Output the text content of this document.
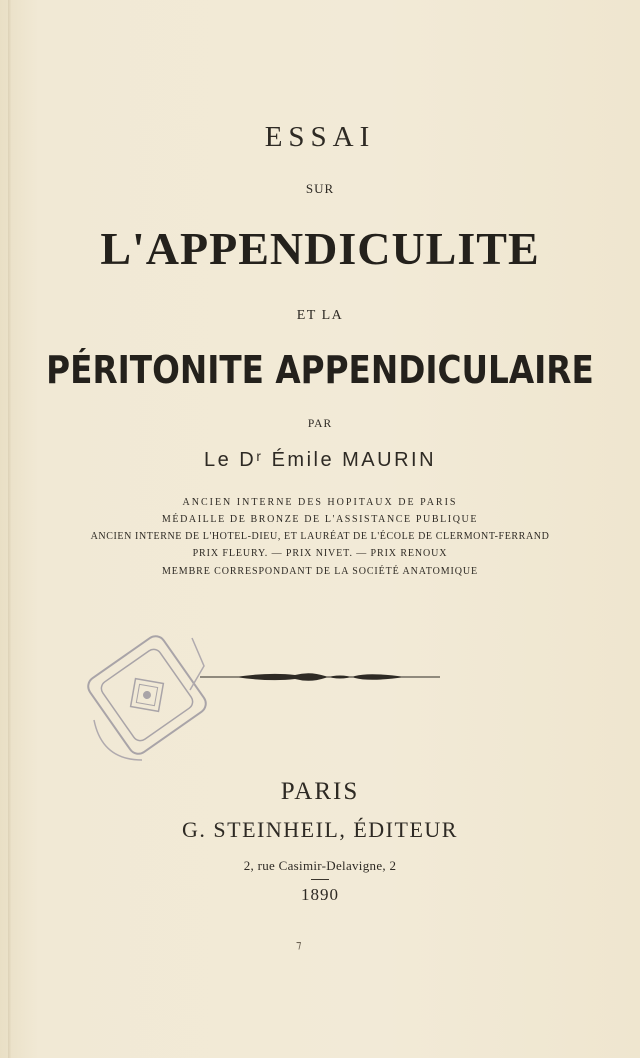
ESSAI
SUR
L'APPENDICULITE
ET LA
PÉRITONITE APPENDICULAIRE
PAR
Le Dʳ Émile MAURIN
ANCIEN INTERNE DES HOPITAUX DE PARIS
MÉDAILLE DE BRONZE DE L'ASSISTANCE PUBLIQUE
ANCIEN INTERNE DE L'HOTEL-DIEU, ET LAURÉAT DE L'ÉCOLE DE CLERMONT-FERRAND
PRIX FLEURY. — PRIX NIVET. — PRIX RENOUX
MEMBRE CORRESPONDANT DE LA SOCIÉTÉ ANATOMIQUE
PARIS
G. STEINHEIL, ÉDITEUR
2, rue Casimir-Delavigne, 2
1890
⁊
